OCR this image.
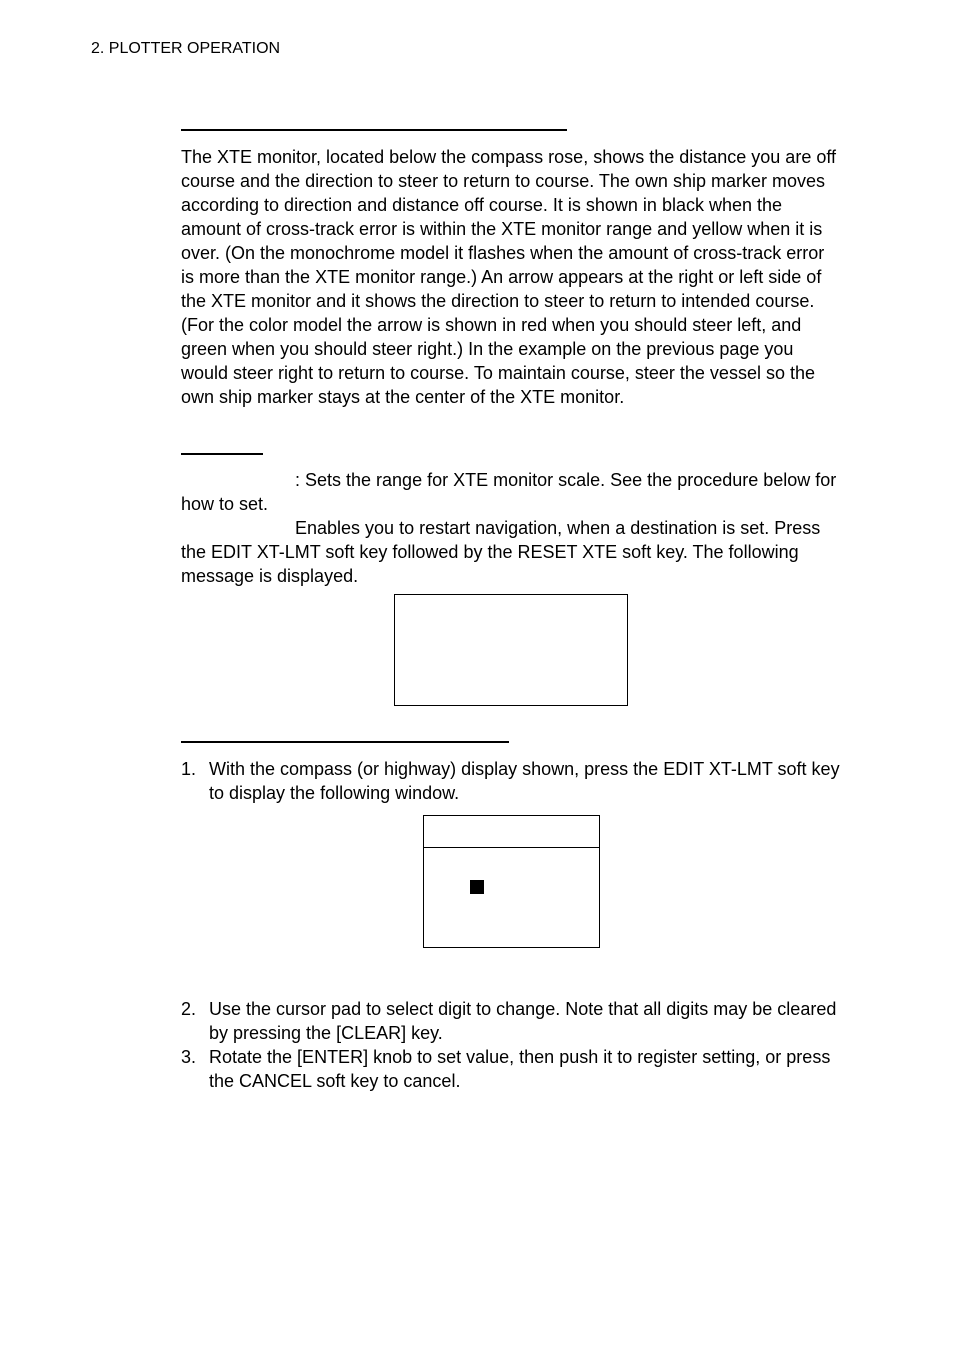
2. PLOTTER OPERATION

The XTE monitor, located below the compass rose, shows the distance you are off course and the direction to steer to return to course. The own ship marker moves according to direction and distance off course. It is shown in black when the amount of cross-track error is within the XTE monitor range and yellow when it is over. (On the monochrome model it flashes when the amount of cross-track error is more than the XTE monitor range.) An arrow appears at the right or left side of the XTE monitor and it shows the direction to steer to return to intended course. (For the color model the arrow is shown in red when you should steer left, and green when you should steer right.) In the example on the previous page you would steer right to return to course. To maintain course, steer the vessel so the own ship marker stays at the center of the XTE monitor.

: Sets the range for XTE monitor scale. See the procedure below for how to set.

Enables you to restart navigation, when a destination is set. Press the EDIT XT-LMT soft key followed by the RESET XTE soft key. The following message is displayed.

1. With the compass (or highway) display shown, press the EDIT XT-LMT soft key to display the following window.
2. Use the cursor pad to select digit to change. Note that all digits may be cleared by pressing the [CLEAR] key.
3. Rotate the [ENTER] knob to set value, then push it to register setting, or press the CANCEL soft key to cancel.
